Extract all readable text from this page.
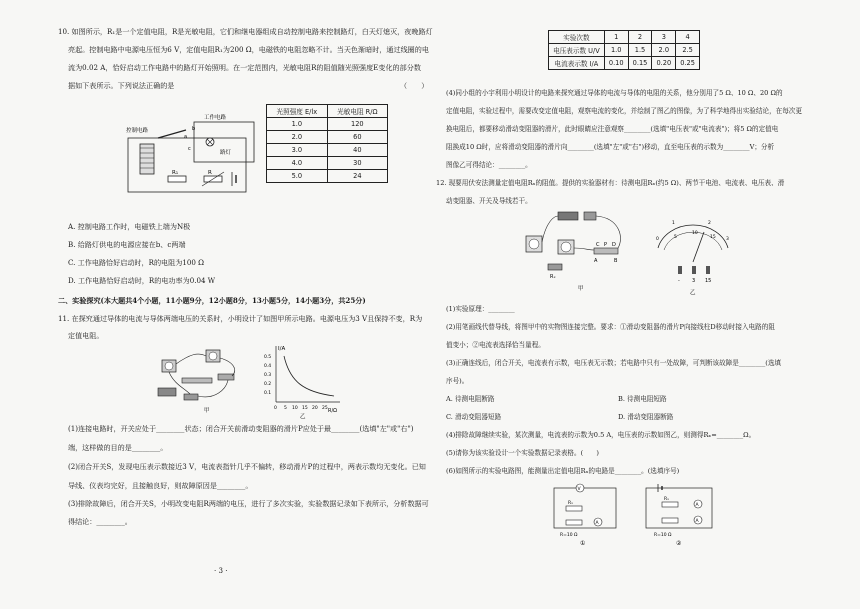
10. 如图所示，R₁是一个定值电阻，R是光敏电阻，它们和继电器组成自动控制电路来控制路灯，白天灯熄灭，夜晚路灯
亮起。控制电路中电源电压恒为6 V，定值电阻R₁为200 Ω，电磁铁的电阻忽略不计。当天色渐暗时，通过线圈的电
流为0.02 A，恰好启动工作电路中的路灯开始照明。在一定范围内，光敏电阻R的阻值随光照强度E变化的部分数
据如下表所示。下列说法正确的是	（　　）
控制电路
工作电路
路灯
R₁	R
a
b
c
光照强度 E/lx	光敏电阻 R/Ω
1.0	120
2.0	60
3.0	40
4.0	30
5.0	24
A. 控制电路工作时，电磁铁上端为N极
B. 给路灯供电的电源应接在b、c两端
C. 工作电路恰好启动时，R的电阻为100 Ω
D. 工作电路恰好启动时，R的电功率为0.04 W
二、实验探究(本大题共4个小题，11小题9分，12小题8分，13小题5分，14小题3分，共25分)
11. 在探究通过导体的电流与导体两端电压的关系时，小明设计了如图甲所示电路。电源电压为3 V且保持不变，R为
定值电阻。
甲
I/A
R/Ω
0.5
0.4
0.3
0.2
0.1
0 5 10 15 20 25
乙
(1)连接电路时，开关应处于________状态；闭合开关前滑动变阻器的滑片P应处于最________(选填"左"或"右")
端，这样做的目的是________。
(2)闭合开关S，发现电压表示数接近3 V，电流表指针几乎不偏转，移动滑片P的过程中，两表示数均无变化。已知
导线、仪表均完好，且接触良好，则故障原因是________。
(3)排除故障后，闭合开关S，小明改变电阻R两端的电压，进行了多次实验，实验数据记录如下表所示，分析数据可
得结论：________。
实验次数	1	2	3	4
电压表示数 U/V	1.0	1.5	2.0	2.5
电流表示数 I/A	0.10	0.15	0.20	0.25
(4)同小组的小宇利用小明设计的电路来探究通过导体的电流与导体的电阻的关系，他分别用了5 Ω、10 Ω、20 Ω的
定值电阻，实验过程中，需要改变定值电阻，观察电流的变化，并绘制了图乙的图像，为了科学地得出实验结论，在每次更
换电阻后，都要移动滑动变阻器的滑片，此时眼睛应注意观察________(选填"电压表"或"电流表")；将5 Ω的定值电
阻换成10 Ω时，应将滑动变阻器的滑片向________(选填"左"或"右")移动，直至电压表的示数为________V；分析
图像乙可得结论：________。
12. 现要用伏安法测量定值电阻Rₓ的阻值。提供的实验器材有：待测电阻Rₓ(约5 Ω)、两节干电池、电流表、电压表、滑
动变阻器、开关及导线若干。
C P D
A	B
Rₓ
甲
0
1	2
3
5
10
15
- 3 15
乙
(1)实验原理：________
(2)用笔画线代替导线，将图甲中的实物图连接完整。要求：①滑动变阻器的滑片P向接线柱D移动时接入电路的阻
值变小；②电流表选择恰当量程。
(3)正确连线后，闭合开关，电流表有示数，电压表无示数；若电路中只有一处故障，可判断该故障是________(选填
序号)。
A. 待测电阻断路	B. 待测电阻短路
C. 滑动变阻器短路	D. 滑动变阻器断路
(4)排除故障继续实验，某次测量，电流表的示数为0.5 A，电压表的示数如图乙，则测得Rₓ=________Ω。
(5)请你为该实验设计一个实验数据记录表格。(　　)
(6)如图所示的实验电路图，能测量出定值电阻Rₓ的电路是________。(选填序号)
V
Rₓ
A
R=10 Ω
①
Rₓ
A
A
R=10 Ω
②
· 3 ·
